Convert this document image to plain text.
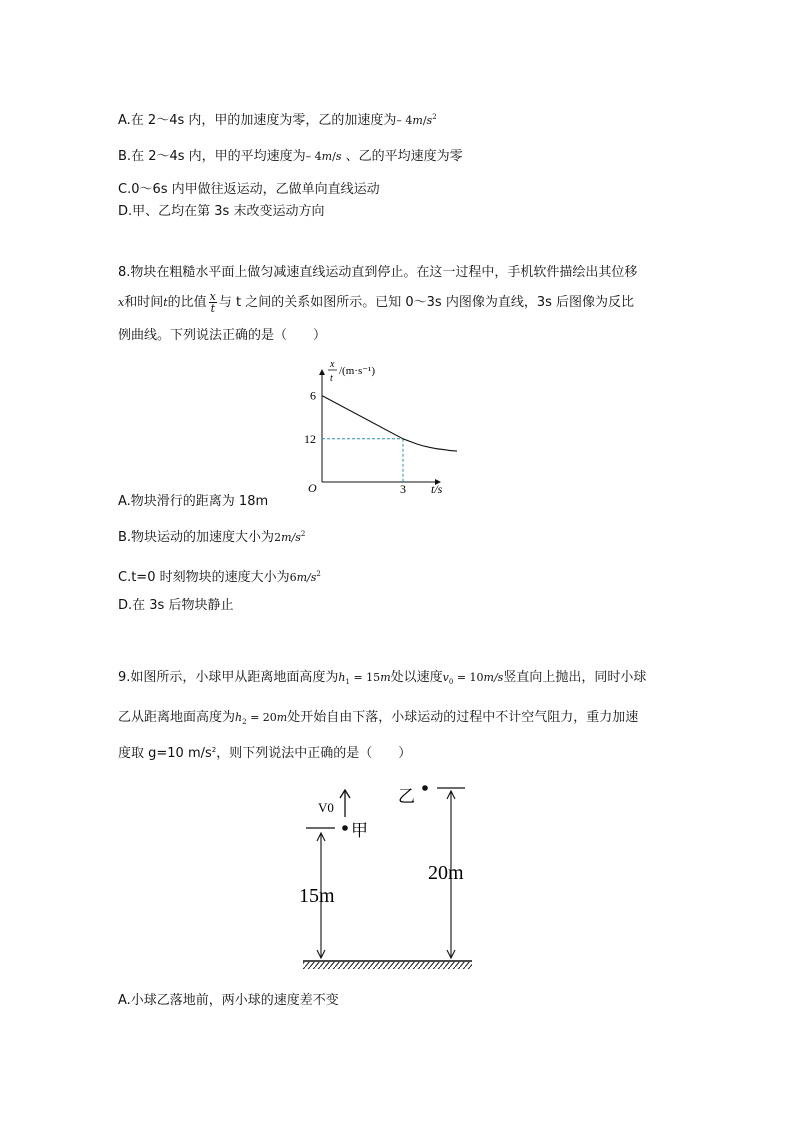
A.在 2～4s 内，甲的加速度为零，乙的加速度为– $4m/s^2$
B.在 2～4s 内，甲的平均速度为– 4m/s 、乙的平均速度为零
C.0～6s 内甲做往返运动，乙做单向直线运动
D.甲、乙均在第 3s 末改变运动方向
8.物块在粗糙水平面上做匀减速直线运动直到停止。在这一过程中，手机软件描绘出其位移
x和时间t的比值 $\frac{x}{t}$ 与 t 之间的关系如图所示。已知 0～3s 内图像为直线，3s 后图像为反比
例曲线。下列说法正确的是（　　）
x
t
/(m·s⁻¹)
O	t/s
12
6
3
A.物块滑行的距离为 18m
B.物块运动的加速度大小为$2m/s^2$
C.t=0 时刻物块的速度大小为$6m/s^2$
D.在 3s 后物块静止
9.如图所示，小球甲从距离地面高度为$h_1 = 15m$处以速度$v_0 = 10m/s$竖直向上抛出，同时小球
乙从距离地面高度为$h_2 = 20m$处开始自由下落，小球运动的过程中不计空气阻力，重力加速
度取 g=10 $m/s^2$，则下列说法中正确的是（　　）
V0
甲
15m
乙
20m
A.小球乙落地前，两小球的速度差不变
